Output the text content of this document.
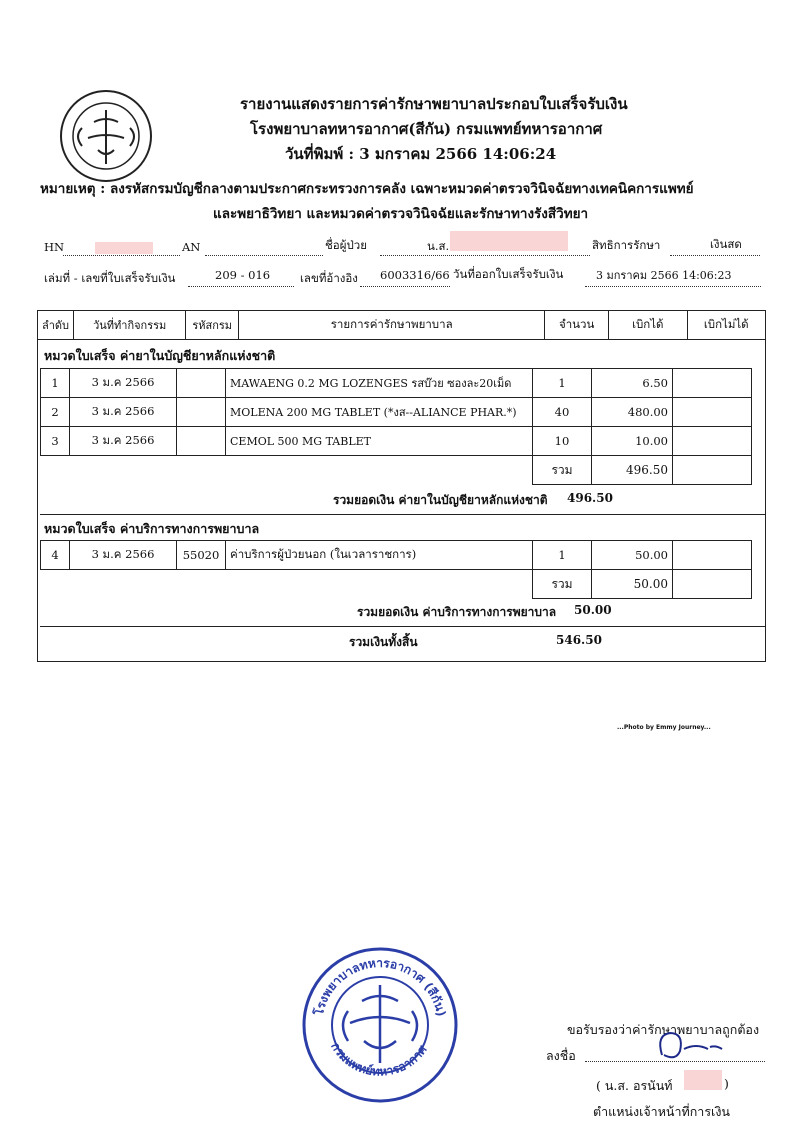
รายงานแสดงรายการค่ารักษาพยาบาลประกอบใบเสร็จรับเงิน
โรงพยาบาลทหารอากาศ(สีกัน) กรมแพทย์ทหารอากาศ
วันที่พิมพ์ : 3 มกราคม 2566 14:06:24
หมายเหตุ : ลงรหัสกรมบัญชีกลางตามประกาศกระทรวงการคลัง เฉพาะหมวดค่าตรวจวินิจฉัยทางเทคนิคการแพทย์
และพยาธิวิทยา และหมวดค่าตรวจวินิจฉัยและรักษาทางรังสีวิทยา
HN	AN	ชื่อผู้ป่วย	น.ส.	สิทธิการรักษา	เงินสด
เล่มที่ - เลขที่ใบเสร็จรับเงิน	209 - 016	เลขที่อ้างอิง 6003316/66 วันที่ออกใบเสร็จรับเงิน	3 มกราคม 2566 14:06:23
ลำดับ	วันที่ทำกิจกรรม	รหัสกรม	รายการค่ารักษาพยาบาล	จำนวน	เบิกได้	เบิกไม่ได้
หมวดใบเสร็จ ค่ายาในบัญชียาหลักแห่งชาติ
1	3 ม.ค 2566		MAWAENG 0.2 MG LOZENGES รสบ๊วย ซองละ20เม็ด	1	6.50	
2	3 ม.ค 2566		MOLENA 200 MG TABLET (*งส--ALIANCE PHAR.*)	40	480.00	
3	3 ม.ค 2566		CEMOL 500 MG TABLET	10	10.00	
				รวม	496.50	
รวมยอดเงิน ค่ายาในบัญชียาหลักแห่งชาติ 496.50
หมวดใบเสร็จ ค่าบริการทางการพยาบาล
4	3 ม.ค 2566	55020	ค่าบริการผู้ป่วยนอก (ในเวลาราชการ)	1	50.00	
				รวม	50.00	
รวมยอดเงิน ค่าบริการทางการพยาบาล 50.00
รวมเงินทั้งสิ้น	546.50
...Photo by Emmy Journey...
โรงพยาบาลทหารอากาศ (สีกัน)
กรมแพทย์ทหารอากาศ
ขอรับรองว่าค่ารักษาพยาบาลถูกต้อง
ลงชื่อ
( น.ส. อรนันท์	)
ตำแหน่งเจ้าหน้าที่การเงิน
